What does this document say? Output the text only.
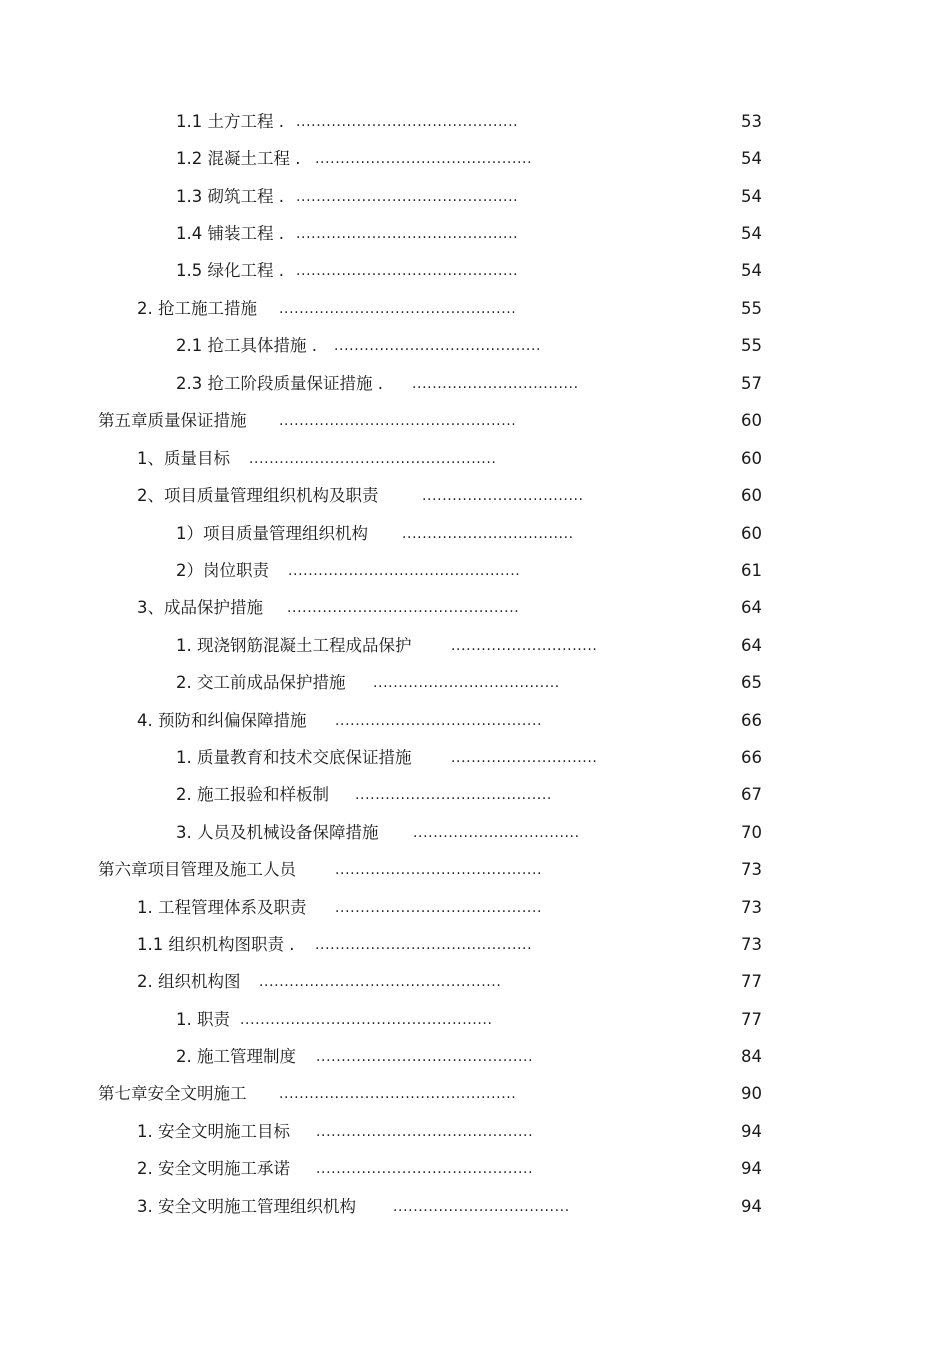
1.1 土方工程 . ............................................	53
1.2 混凝土工程 . ...........................................	54
1.3 砌筑工程 . ............................................	54
1.4 铺装工程 . ............................................	54
1.5 绿化工程 . ............................................	54
2. 抢工施工措施 ...............................................	55
2.1 抢工具体措施 . .........................................	55
2.3 抢工阶段质量保证措施 . .................................	57
第五章质量保证措施 ...............................................	60
1、质量目标 .................................................	60
2、项目质量管理组织机构及职责	................................	60
1）项目质量管理组织机构 ..................................	60
2）岗位职责 ..............................................	61
3、成品保护措施 ..............................................	64
1. 现浇钢筋混凝土工程成品保护	.............................	64
2. 交工前成品保护措施 .....................................	65
4. 预防和纠偏保障措施 .........................................	66
1. 质量教育和技术交底保证措施	.............................	66
2. 施工报验和样板制 .......................................	67
3. 人员及机械设备保障措施 .................................	70
第六章项目管理及施工人员	.........................................	73
1. 工程管理体系及职责 .........................................	73
1.1 组织机构图职责 . ...........................................	73
2. 组织机构图 ................................................	77
1. 职责 ..................................................	77
2. 施工管理制度 ...........................................	84
第七章安全文明施工 ...............................................	90
1. 安全文明施工目标 ...........................................	94
2. 安全文明施工承诺 ...........................................	94
3. 安全文明施工管理组织机构	...................................	94
